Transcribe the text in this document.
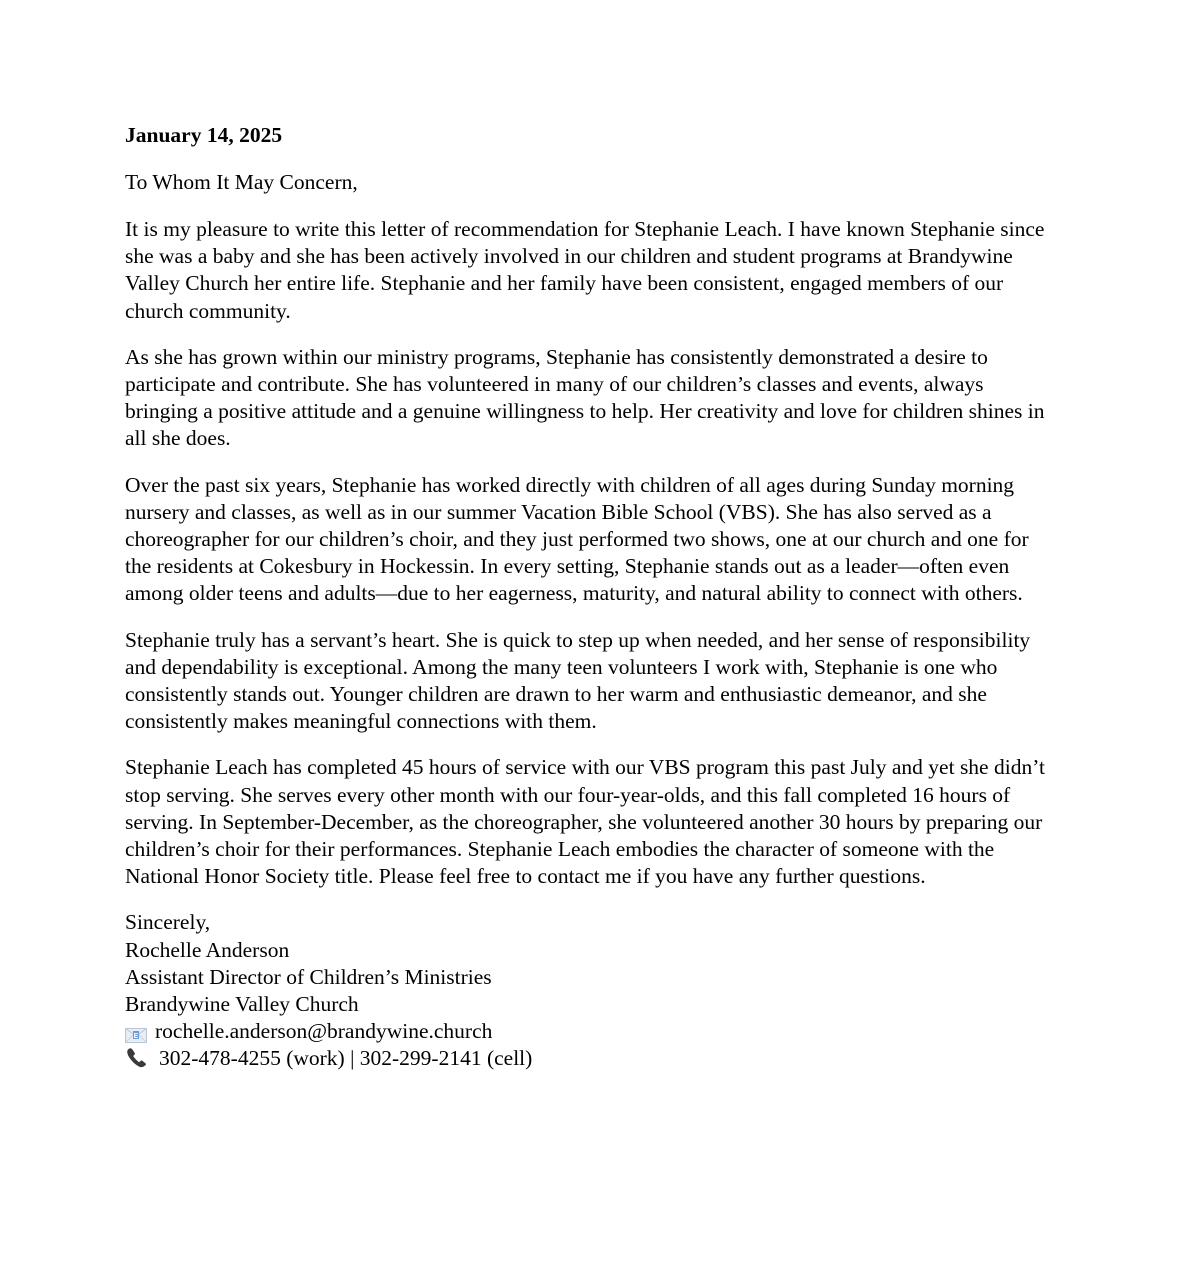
January 14, 2025
To Whom It May Concern,

It is my pleasure to write this letter of recommendation for Stephanie Leach. I have known Stephanie since she was a baby and she has been actively involved in our children and student programs at Brandywine Valley Church her entire life. Stephanie and her family have been consistent, engaged members of our church community.

As she has grown within our ministry programs, Stephanie has consistently demonstrated a desire to participate and contribute. She has volunteered in many of our children’s classes and events, always bringing a positive attitude and a genuine willingness to help. Her creativity and love for children shines in all she does.

Over the past six years, Stephanie has worked directly with children of all ages during Sunday morning nursery and classes, as well as in our summer Vacation Bible School (VBS). She has also served as a choreographer for our children’s choir, and they just performed two shows, one at our church and one for the residents at Cokesbury in Hockessin. In every setting, Stephanie stands out as a leader—often even among older teens and adults—due to her eagerness, maturity, and natural ability to connect with others.

Stephanie truly has a servant’s heart. She is quick to step up when needed, and her sense of responsibility and dependability is exceptional. Among the many teen volunteers I work with, Stephanie is one who consistently stands out. Younger children are drawn to her warm and enthusiastic demeanor, and she consistently makes meaningful connections with them.

Stephanie Leach has completed 45 hours of service with our VBS program this past July and yet she didn’t stop serving. She serves every other month with our four-year-olds, and this fall completed 16 hours of serving. In September-December, as the choreographer, she volunteered another 30 hours by preparing our children’s choir for their performances. Stephanie Leach embodies the character of someone with the National Honor Society title. Please feel free to contact me if you have any further questions.

Sincerely,
Rochelle Anderson
Assistant Director of Children’s Ministries
Brandywine Valley Church
E rochelle.anderson@brandywine.church
302-478-4255 (work) | 302-299-2141 (cell)
